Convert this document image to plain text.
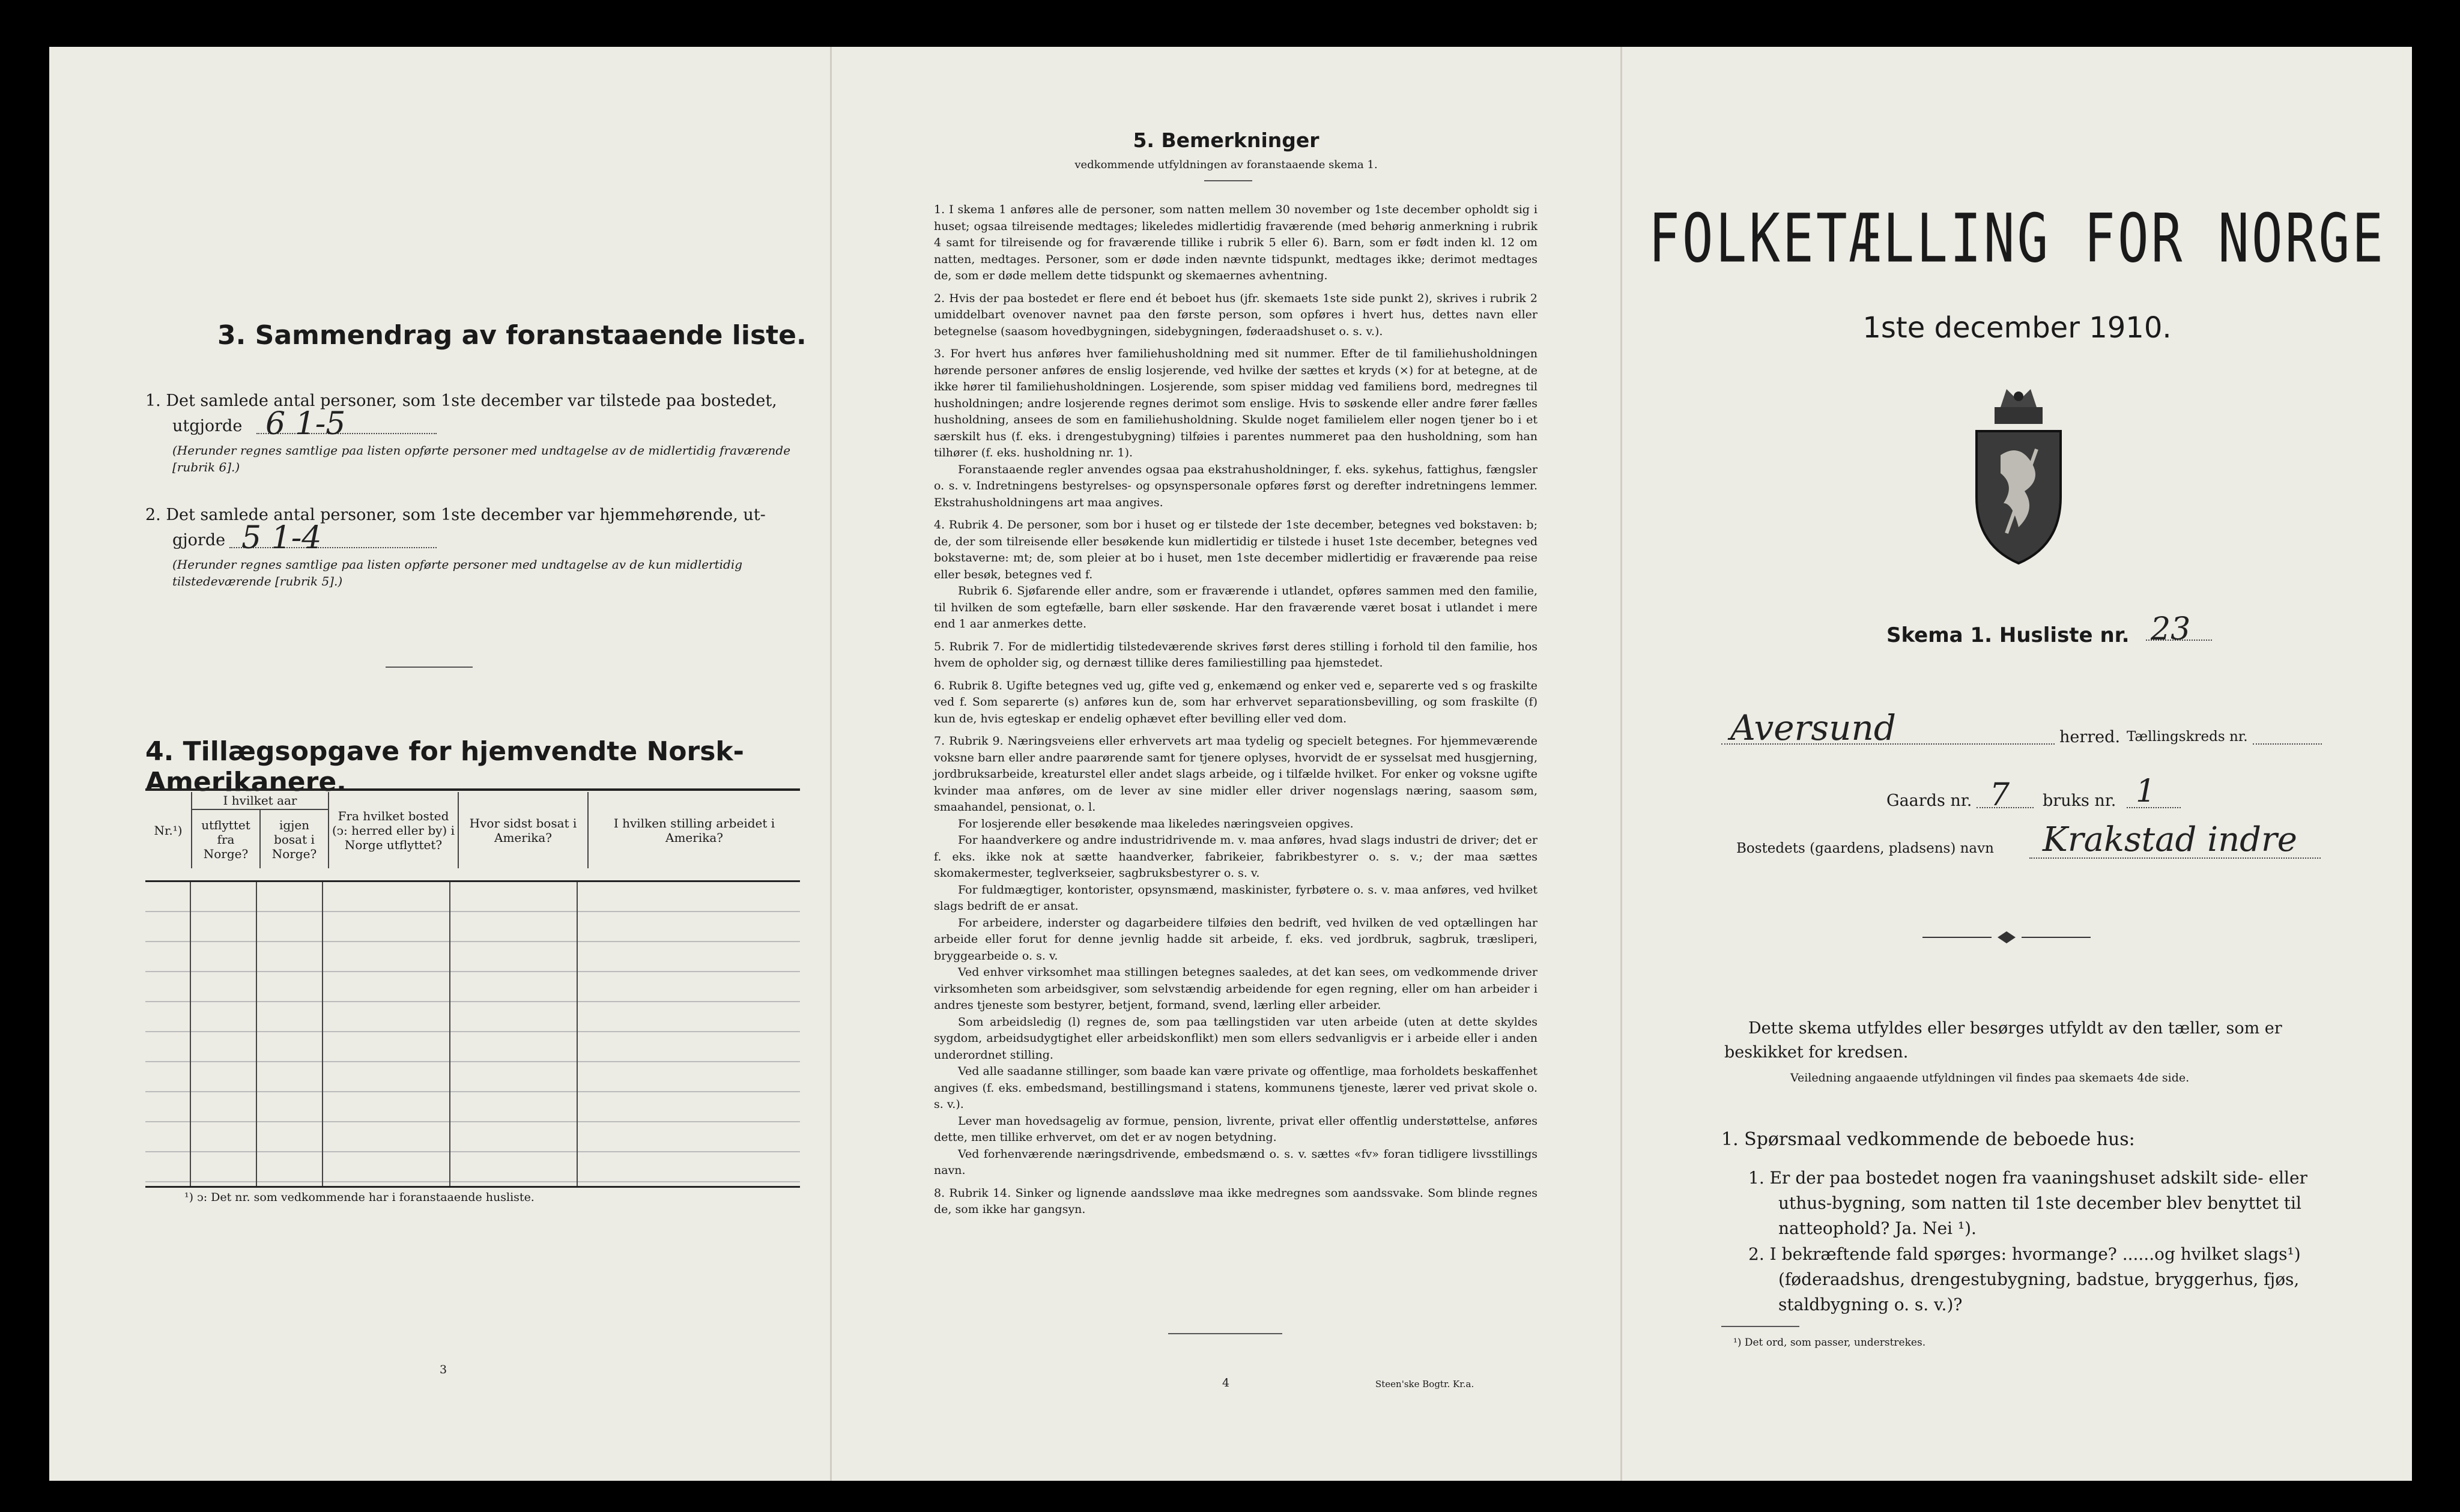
3. Sammendrag av foranstaaende liste.
1. Det samlede antal personer, som 1ste december var tilstede paa bostedet,
utgjorde 6 1-5
(Herunder regnes samtlige paa listen opførte personer med undtagelse av de midlertidig fraværende [rubrik 6].)
2. Det samlede antal personer, som 1ste december var hjemmehørende, ut-
gjorde 5 1-4
(Herunder regnes samtlige paa listen opførte personer med undtagelse av de kun midlertidig tilstedeværende [rubrik 5].)
4. Tillægsopgave for hjemvendte Norsk-Amerikanere.
Nr.¹)	I hvilket aar		Fra hvilket bosted (ↄ: herred eller by) i Norge utflyttet?	Hvor sidst bosat i Amerika?	I hvilken stilling arbeidet i Amerika?
	utflyttet fra Norge?	igjen bosat i Norge?			
¹) ↄ: Det nr. som vedkommende har i foranstaaende husliste.
3
5. Bemerkninger
vedkommende utfyldningen av foranstaaende skema 1.

1. I skema 1 anføres alle de personer, som natten mellem 30 november og 1ste december opholdt sig i huset; ogsaa tilreisende medtages; likeledes midlertidig fraværende (med behørig anmerkning i rubrik 4 samt for tilreisende og for fraværende tillike i rubrik 5 eller 6). Barn, som er født inden kl. 12 om natten, medtages. Personer, som er døde inden nævnte tidspunkt, medtages ikke; derimot medtages de, som er døde mellem dette tidspunkt og skemaernes avhentning.

2. Hvis der paa bostedet er flere end ét beboet hus (jfr. skemaets 1ste side punkt 2), skrives i rubrik 2 umiddelbart ovenover navnet paa den første person, som opføres i hvert hus, dettes navn eller betegnelse (saasom hovedbygningen, sidebygningen, føderaadshuset o. s. v.).

3. For hvert hus anføres hver familiehusholdning med sit nummer. Efter de til familiehusholdningen hørende personer anføres de enslig losjerende, ved hvilke der sættes et kryds (×) for at betegne, at de ikke hører til familiehusholdningen. Losjerende, som spiser middag ved familiens bord, medregnes til husholdningen; andre losjerende regnes derimot som enslige. Hvis to søskende eller andre fører fælles husholdning, ansees de som en familiehusholdning. Skulde noget familielem eller nogen tjener bo i et særskilt hus (f. eks. i drengestubygning) tilføies i parentes nummeret paa den husholdning, som han tilhører (f. eks. husholdning nr. 1).

Foranstaaende regler anvendes ogsaa paa ekstrahusholdninger, f. eks. sykehus, fattighus, fængsler o. s. v. Indretningens bestyrelses- og opsynspersonale opføres først og derefter indretningens lemmer. Ekstrahusholdningens art maa angives.

4. Rubrik 4. De personer, som bor i huset og er tilstede der 1ste december, betegnes ved bokstaven: b; de, der som tilreisende eller besøkende kun midlertidig er tilstede i huset 1ste december, betegnes ved bokstaverne: mt; de, som pleier at bo i huset, men 1ste december midlertidig er fraværende paa reise eller besøk, betegnes ved f.

Rubrik 6. Sjøfarende eller andre, som er fraværende i utlandet, opføres sammen med den familie, til hvilken de som egtefælle, barn eller søskende. Har den fraværende været bosat i utlandet i mere end 1 aar anmerkes dette.

5. Rubrik 7. For de midlertidig tilstedeværende skrives først deres stilling i forhold til den familie, hos hvem de opholder sig, og dernæst tillike deres familiestilling paa hjemstedet.

6. Rubrik 8. Ugifte betegnes ved ug, gifte ved g, enkemænd og enker ved e, separerte ved s og fraskilte ved f. Som separerte (s) anføres kun de, som har erhvervet separationsbevilling, og som fraskilte (f) kun de, hvis egteskap er endelig ophævet efter bevilling eller ved dom.

7. Rubrik 9. Næringsveiens eller erhvervets art maa tydelig og specielt betegnes. For hjemmeværende voksne barn eller andre paarørende samt for tjenere oplyses, hvorvidt de er sysselsat med husgjerning, jordbruksarbeide, kreaturstel eller andet slags arbeide, og i tilfælde hvilket. For enker og voksne ugifte kvinder maa anføres, om de lever av sine midler eller driver nogenslags næring, saasom søm, smaahandel, pensionat, o. l.

For losjerende eller besøkende maa likeledes næringsveien opgives.

For haandverkere og andre industridrivende m. v. maa anføres, hvad slags industri de driver; det er f. eks. ikke nok at sætte haandverker, fabrikeier, fabrikbestyrer o. s. v.; der maa sættes skomakermester, teglverkseier, sagbruksbestyrer o. s. v.

For fuldmægtiger, kontorister, opsynsmænd, maskinister, fyrbøtere o. s. v. maa anføres, ved hvilket slags bedrift de er ansat.

For arbeidere, inderster og dagarbeidere tilføies den bedrift, ved hvilken de ved optællingen har arbeide eller forut for denne jevnlig hadde sit arbeide, f. eks. ved jordbruk, sagbruk, træsliperi, bryggearbeide o. s. v.

Ved enhver virksomhet maa stillingen betegnes saaledes, at det kan sees, om vedkommende driver virksomheten som arbeidsgiver, som selvstændig arbeidende for egen regning, eller om han arbeider i andres tjeneste som bestyrer, betjent, formand, svend, lærling eller arbeider.

Som arbeidsledig (l) regnes de, som paa tællingstiden var uten arbeide (uten at dette skyldes sygdom, arbeidsudygtighet eller arbeidskonflikt) men som ellers sedvanligvis er i arbeide eller i anden underordnet stilling.

Ved alle saadanne stillinger, som baade kan være private og offentlige, maa forholdets beskaffenhet angives (f. eks. embedsmand, bestillingsmand i statens, kommunens tjeneste, lærer ved privat skole o. s. v.).

Lever man hovedsagelig av formue, pension, livrente, privat eller offentlig understøttelse, anføres dette, men tillike erhvervet, om det er av nogen betydning.

Ved forhenværende næringsdrivende, embedsmænd o. s. v. sættes «fv» foran tidligere livsstillings navn.

8. Rubrik 14. Sinker og lignende aandssløve maa ikke medregnes som aandssvake. Som blinde regnes de, som ikke har gangsyn.

4	Steen'ske Bogtr. Kr.a.
FOLKETÆLLING FOR NORGE
1ste december 1910.
Skema 1. Husliste nr. 23
Aversund	herred. Tællingskreds nr.
Gaards nr. 7 bruks nr. 1
Bostedets (gaardens, pladsens) navn Krakstad indre
Dette skema utfyldes eller besørges utfyldt av den tæller, som er beskikket for kredsen.
Veiledning angaaende utfyldningen vil findes paa skemaets 4de side.
1. Spørsmaal vedkommende de beboede hus:
1. Er der paa bostedet nogen fra vaaningshuset adskilt side- eller uthus-bygning, som natten til 1ste december blev benyttet til natteophold? Ja. Nei ¹).
2. I bekræftende fald spørges: hvormange? ......og hvilket slags¹) (føderaadshus, drengestubygning, badstue, bryggerhus, fjøs, staldbygning o. s. v.)?
¹) Det ord, som passer, understrekes.
